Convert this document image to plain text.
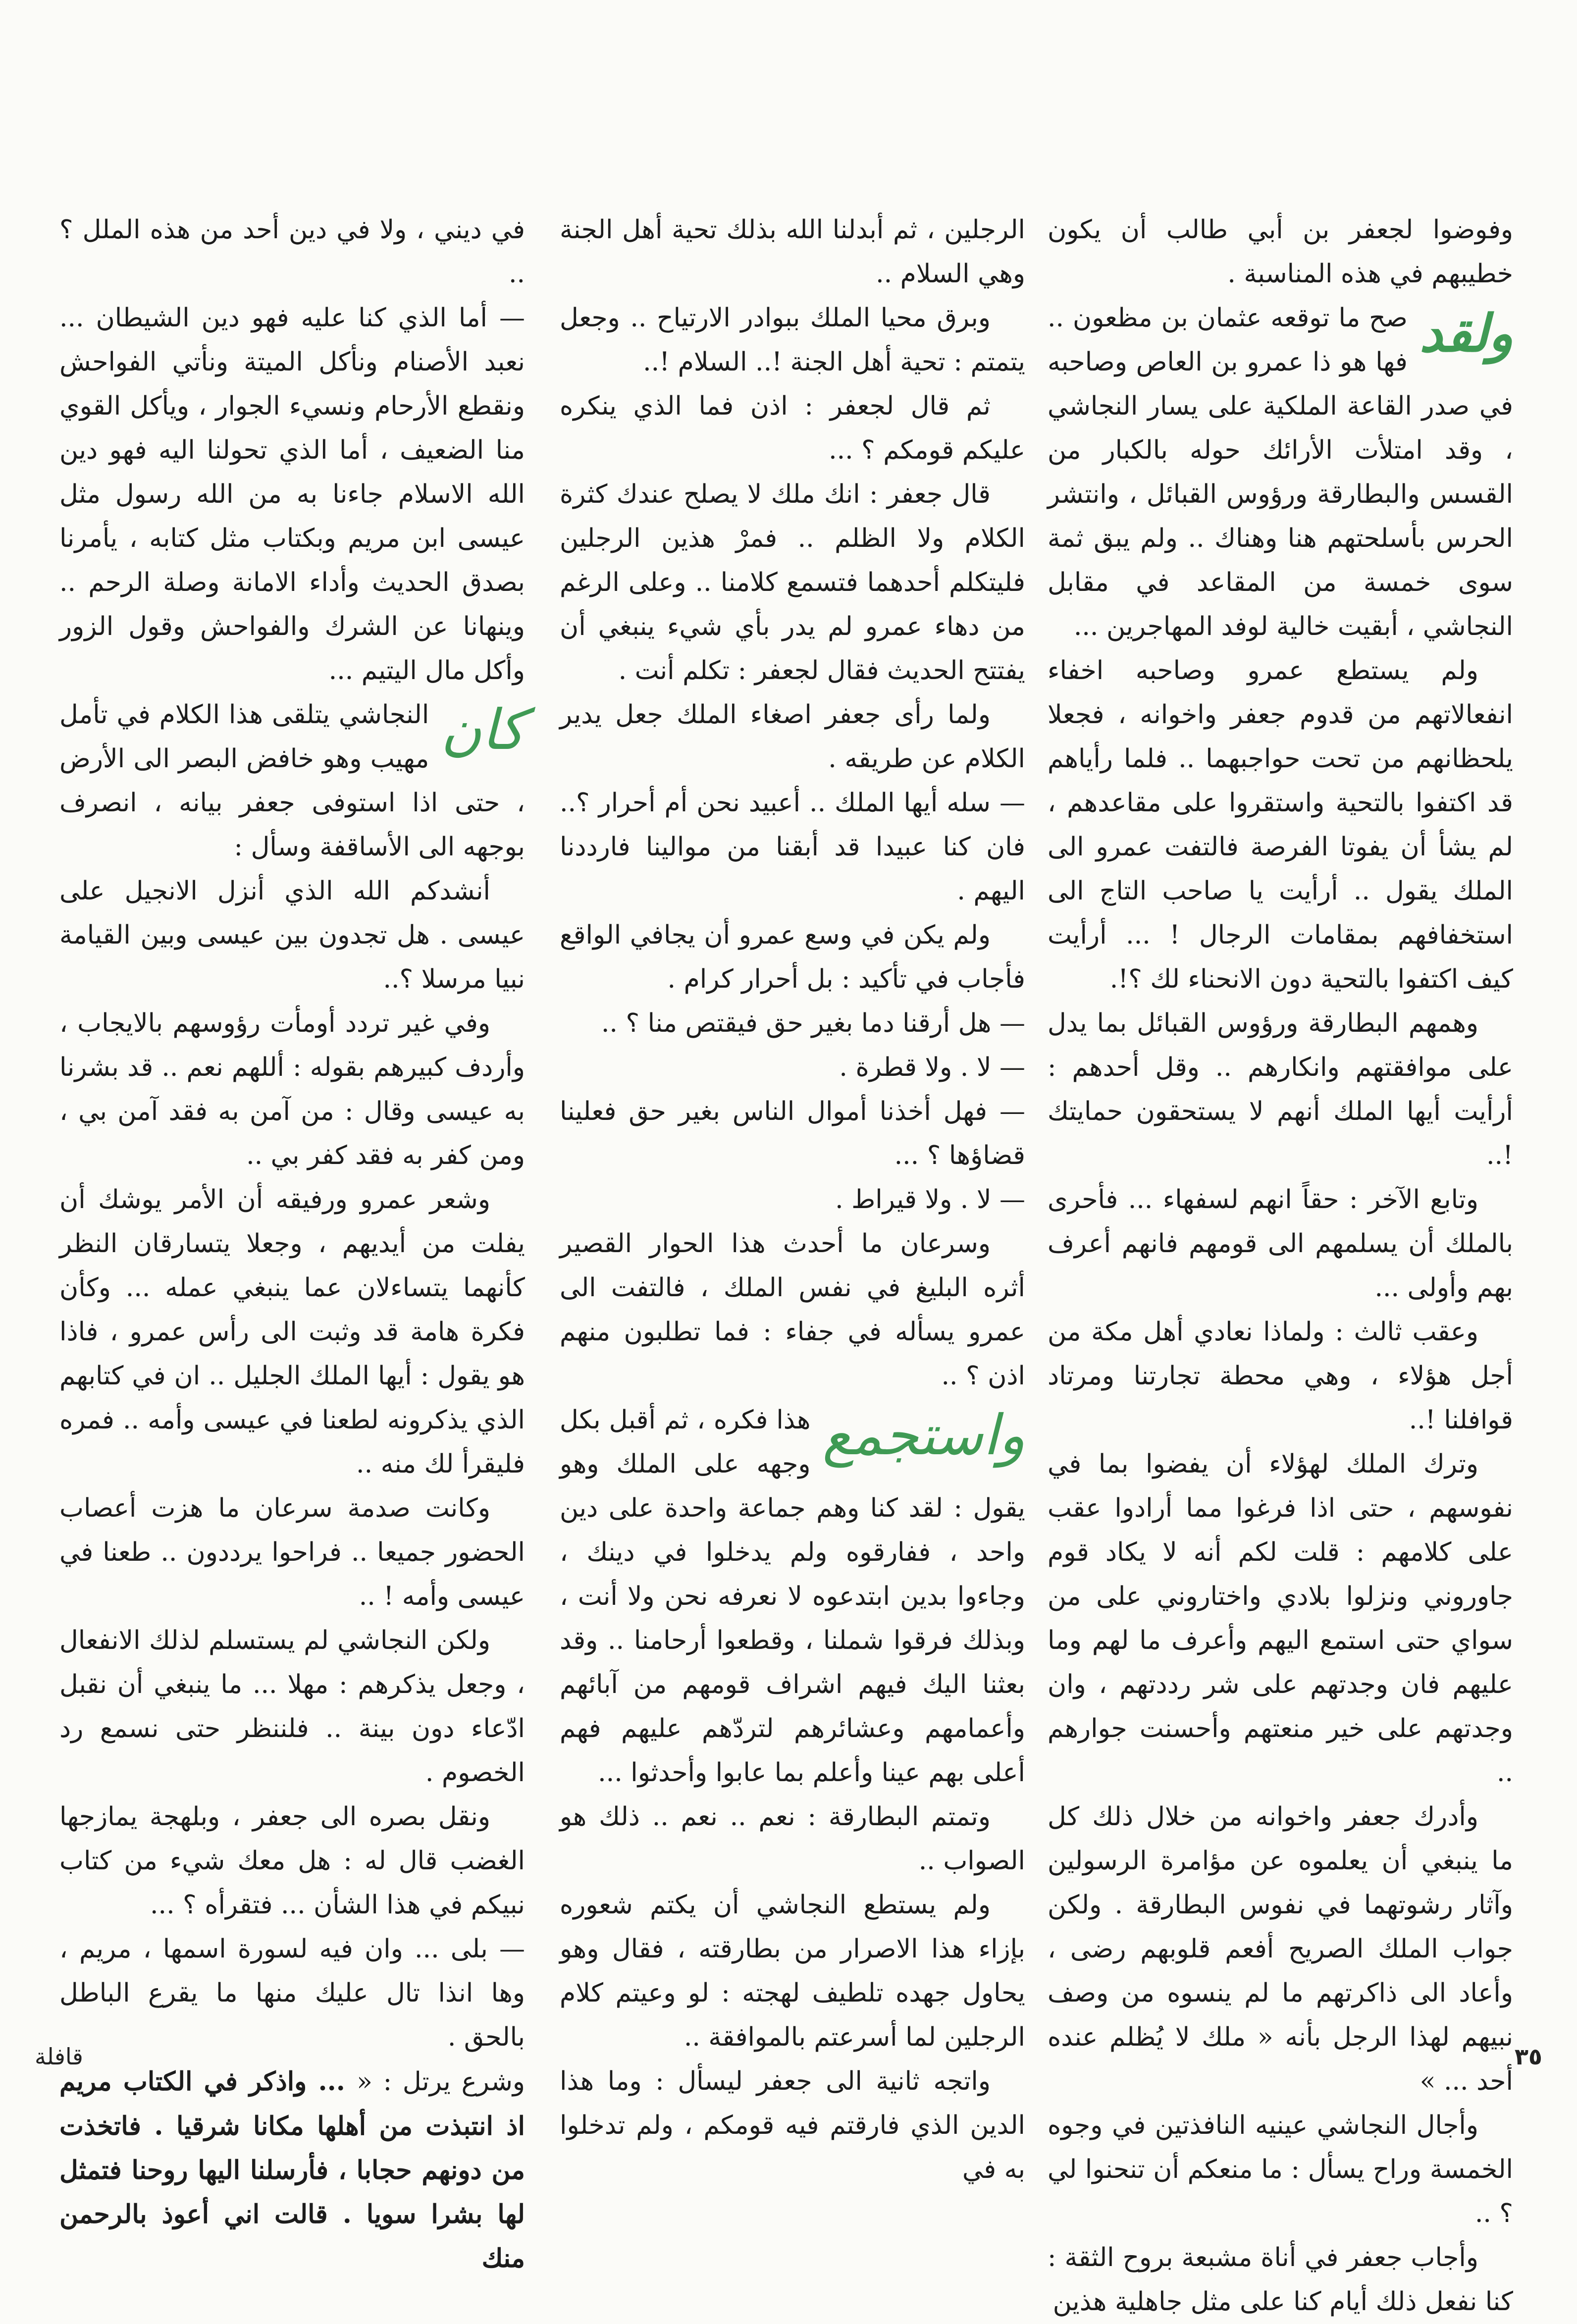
وفوضوا لجعفر بن أبي طالب أن يكون خطيبهم في هذه المناسبة .

ولقد
صح ما توقعه عثمان بن مظعون .. فها هو ذا عمرو بن العاص وصاحبه في صدر القاعة الملكية على يسار النجاشي ، وقد امتلأت الأرائك حوله بالكبار من القسس والبطارقة ورؤوس القبائل ، وانتشر الحرس بأسلحتهم هنا وهناك .. ولم يبق ثمة سوى خمسة من المقاعد في مقابل النجاشي ، أبقيت خالية لوفد المهاجرين ...

ولم يستطع عمرو وصاحبه اخفاء انفعالاتهم من قدوم جعفر واخوانه ، فجعلا يلحظانهم من تحت حواجبهما .. فلما رأياهم قد اكتفوا بالتحية واستقروا على مقاعدهم ، لم يشأ أن يفوتا الفرصة فالتفت عمرو الى الملك يقول .. أرأيت يا صاحب التاج الى استخفافهم بمقامات الرجال ! ... أرأيت كيف اكتفوا بالتحية دون الانحناء لك ؟!.

وهمهم البطارقة ورؤوس القبائل بما يدل على موافقتهم وانكارهم .. وقل أحدهم : أرأيت أيها الملك أنهم لا يستحقون حمايتك !..

وتابع الآخر : حقاً انهم لسفهاء ... فأحرى بالملك أن يسلمهم الى قومهم فانهم أعرف بهم وأولى ...

وعقب ثالث : ولماذا نعادي أهل مكة من أجل هؤلاء ، وهي محطة تجارتنا ومرتاد قوافلنا !..

وترك الملك لهؤلاء أن يفضوا بما في نفوسهم ، حتى اذا فرغوا مما أرادوا عقب على كلامهم : قلت لكم أنه لا يكاد قوم جاوروني ونزلوا بلادي واختاروني على من سواي حتى استمع اليهم وأعرف ما لهم وما عليهم فان وجدتهم على شر رددتهم ، وان وجدتهم على خير منعتهم وأحسنت جوارهم ..

وأدرك جعفر واخوانه من خلال ذلك كل ما ينبغي أن يعلموه عن مؤامرة الرسولين وآثار رشوتهما في نفوس البطارقة . ولكن جواب الملك الصريح أفعم قلوبهم رضى ، وأعاد الى ذاكرتهم ما لم ينسوه من وصف نبيهم لهذا الرجل بأنه « ملك لا يُظلم عنده أحد ... »

وأجال النجاشي عينيه النافذتين في وجوه الخمسة وراح يسأل : ما منعكم أن تنحنوا لي ؟ ..

وأجاب جعفر في أناة مشبعة بروح الثقة : كنا نفعل ذلك أيام كنا على مثل جاهلية هذين

الرجلين ، ثم أبدلنا الله بذلك تحية أهل الجنة وهي السلام ..

وبرق محيا الملك ببوادر الارتياح .. وجعل يتمتم : تحية أهل الجنة !.. السلام !..

ثم قال لجعفر : اذن فما الذي ينكره عليكم قومكم ؟ ...

قال جعفر : انك ملك لا يصلح عندك كثرة الكلام ولا الظلم .. فمرْ هذين الرجلين فليتكلم أحدهما فتسمع كلامنا .. وعلى الرغم من دهاء عمرو لم يدر بأي شيء ينبغي أن يفتتح الحديث فقال لجعفر : تكلم أنت .

ولما رأى جعفر اصغاء الملك جعل يدير الكلام عن طريقه .

— سله أيها الملك .. أعبيد نحن أم أحرار ؟.. فان كنا عبيدا قد أبقنا من موالينا فارددنا اليهم .

ولم يكن في وسع عمرو أن يجافي الواقع فأجاب في تأكيد : بل أحرار كرام .

— هل أرقنا دما بغير حق فيقتص منا ؟ ..

— لا . ولا قطرة .

— فهل أخذنا أموال الناس بغير حق فعلينا قضاؤها ؟ ...

— لا . ولا قيراط .

وسرعان ما أحدث هذا الحوار القصير أثره البليغ في نفس الملك ، فالتفت الى عمرو يسأله في جفاء : فما تطلبون منهم اذن ؟ ..

واستجمع
هذا فكره ، ثم أقبل بكل وجهه على الملك وهو يقول : لقد كنا وهم جماعة واحدة على دين واحد ، ففارقوه ولم يدخلوا في دينك ، وجاءوا بدين ابتدعوه لا نعرفه نحن ولا أنت ، وبذلك فرقوا شملنا ، وقطعوا أرحامنا .. وقد بعثنا اليك فيهم اشراف قومهم من آبائهم وأعمامهم وعشائرهم لتردّهم عليهم فهم أعلى بهم عينا وأعلم بما عابوا وأحدثوا ...

وتمتم البطارقة : نعم .. نعم .. ذلك هو الصواب ..

ولم يستطع النجاشي أن يكتم شعوره بإزاء هذا الاصرار من بطارقته ، فقال وهو يحاول جهده تلطيف لهجته : لو وعيتم كلام الرجلين لما أسرعتم بالموافقة ..

واتجه ثانية الى جعفر ليسأل : وما هذا الدين الذي فارقتم فيه قومكم ، ولم تدخلوا به في

في ديني ، ولا في دين أحد من هذه الملل ؟ ..

— أما الذي كنا عليه فهو دين الشيطان ... نعبد الأصنام ونأكل الميتة ونأتي الفواحش ونقطع الأرحام ونسيء الجوار ، ويأكل القوي منا الضعيف ، أما الذي تحولنا اليه فهو دين الله الاسلام جاءنا به من الله رسول مثل عيسى ابن مريم وبكتاب مثل كتابه ، يأمرنا بصدق الحديث وأداء الامانة وصلة الرحم .. وينهانا عن الشرك والفواحش وقول الزور وأكل مال اليتيم ...

كان
النجاشي يتلقى هذا الكلام في تأمل مهيب وهو خافض البصر الى الأرض ، حتى اذا استوفى جعفر بيانه ، انصرف بوجهه الى الأساقفة وسأل :

أنشدكم الله الذي أنزل الانجيل على عيسى . هل تجدون بين عيسى وبين القيامة نبيا مرسلا ؟..

وفي غير تردد أومأت رؤوسهم بالايجاب ، وأردف كبيرهم بقوله : أللهم نعم .. قد بشرنا به عيسى وقال : من آمن به فقد آمن بي ، ومن كفر به فقد كفر بي ..

وشعر عمرو ورفيقه أن الأمر يوشك أن يفلت من أيديهم ، وجعلا يتسارقان النظر كأنهما يتساءلان عما ينبغي عمله ... وكأن فكرة هامة قد وثبت الى رأس عمرو ، فاذا هو يقول : أيها الملك الجليل .. ان في كتابهم الذي يذكرونه لطعنا في عيسى وأمه .. فمره فليقرأ لك منه ..

وكانت صدمة سرعان ما هزت أعصاب الحضور جميعا .. فراحوا يرددون .. طعنا في عيسى وأمه ! ..

ولكن النجاشي لم يستسلم لذلك الانفعال ، وجعل يذكرهم : مهلا ... ما ينبغي أن نقبل ادّعاء دون بينة .. فلننظر حتى نسمع رد الخصوم .

ونقل بصره الى جعفر ، وبلهجة يمازجها الغضب قال له : هل معك شيء من كتاب نبيكم في هذا الشأن ... فتقرأه ؟ ...

— بلى ... وان فيه لسورة اسمها ، مريم ، وها انذا تال عليك منها ما يقرع الباطل بالحق .

وشرع يرتل : « ... واذكر في الكتاب مريم اذ انتبذت من أهلها مكانا شرقيا . فاتخذت من دونهم حجابا ، فأرسلنا اليها روحنا فتمثل لها بشرا سويا . قالت اني أعوذ بالرحمن منك

٣٥
قافلة
